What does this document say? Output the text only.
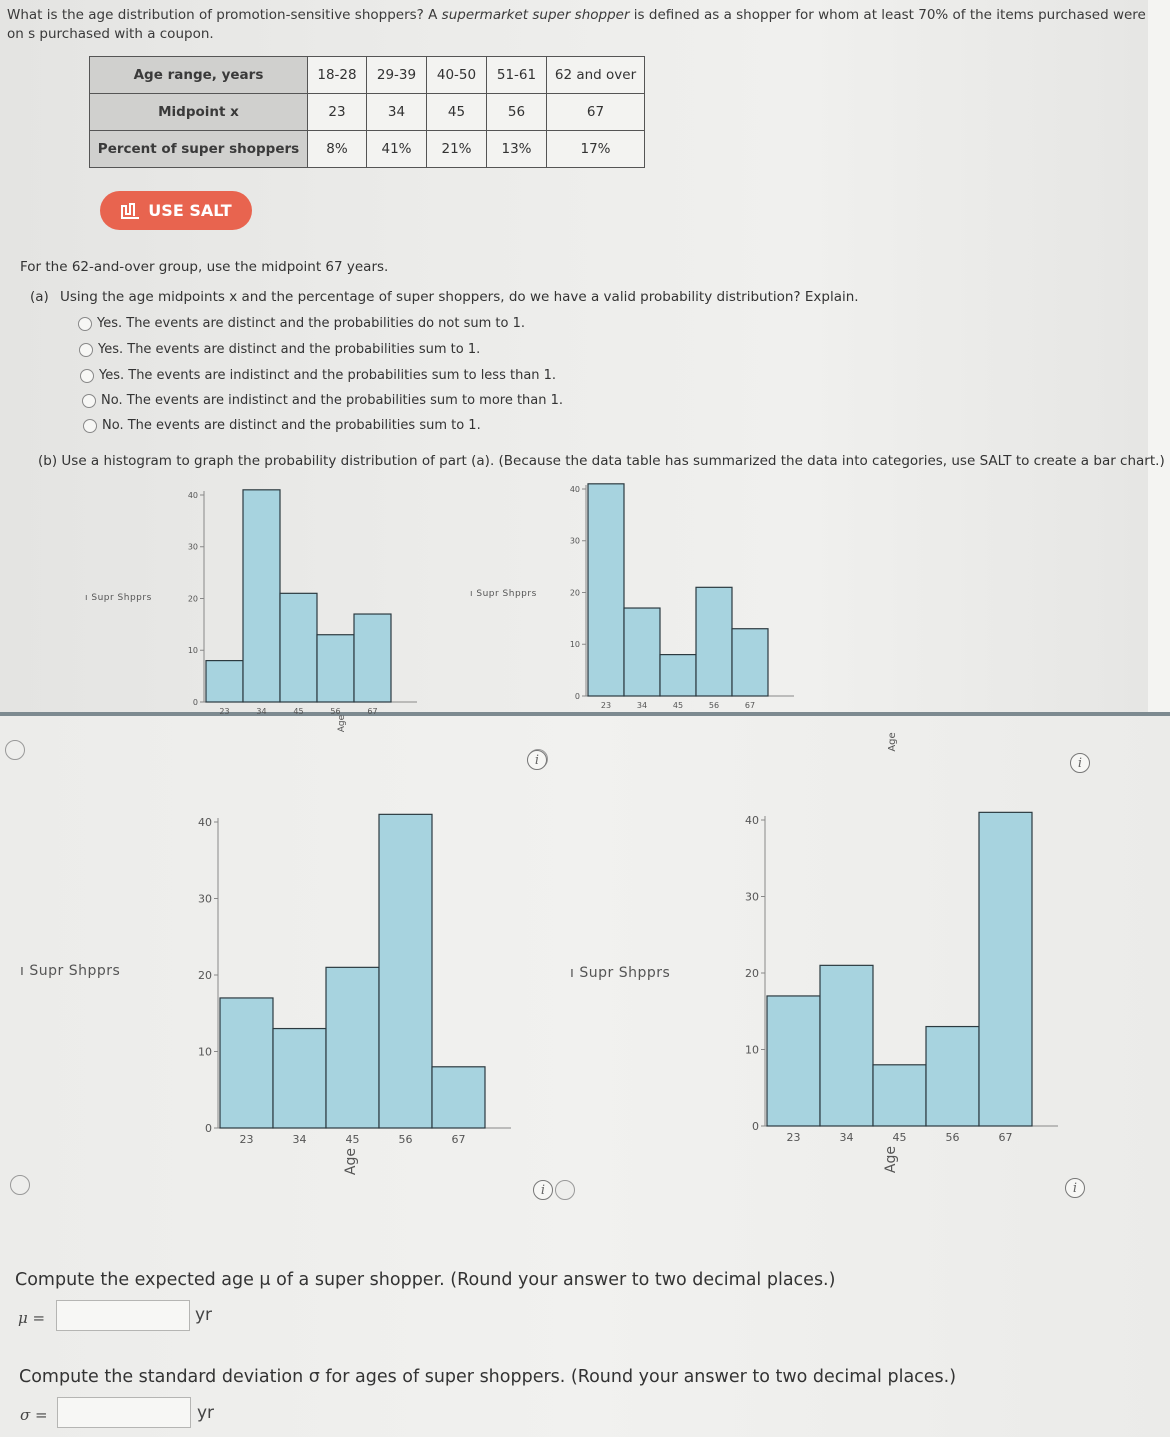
What is the age distribution of promotion-sensitive shoppers? A supermarket super shopper is defined as a shopper for whom at least 70% of the items purchased were on s purchased with a coupon.
Age range, years	18-28	29-39	40-50	51-61	62 and over
Midpoint x	23	34	45	56	67
Percent of super shoppers	8%	41%	21%	13%	17%
USE SALT
For the 62-and-over group, use the midpoint 67 years.
(a) Using the age midpoints x and the percentage of super shoppers, do we have a valid probability distribution? Explain.
Yes. The events are distinct and the probabilities do not sum to 1.
Yes. The events are distinct and the probabilities sum to 1.
Yes. The events are indistinct and the probabilities sum to less than 1.
No. The events are indistinct and the probabilities sum to more than 1.
No. The events are distinct and the probabilities sum to 1.
(b) Use a histogram to graph the probability distribution of part (a). (Because the data table has summarized the data into categories, use SALT to create a bar chart.)
0
10
20
30
40
23	34	45	56	67
ı Supr Shpprs
Age
0
10
20
30
40
23	34	45	56	67
ı Supr Shpprs
Age
0
10
20
30
40
23	34	45	56	67
ı Supr Shpprs
Age
0
10
20
30
40
23	34	45	56	67
ı Supr Shpprs
Age
i	i
i	i
Compute the expected age μ of a super shopper. (Round your answer to two decimal places.)
μ =	yr
Compute the standard deviation σ for ages of super shoppers. (Round your answer to two decimal places.)
σ =	yr
